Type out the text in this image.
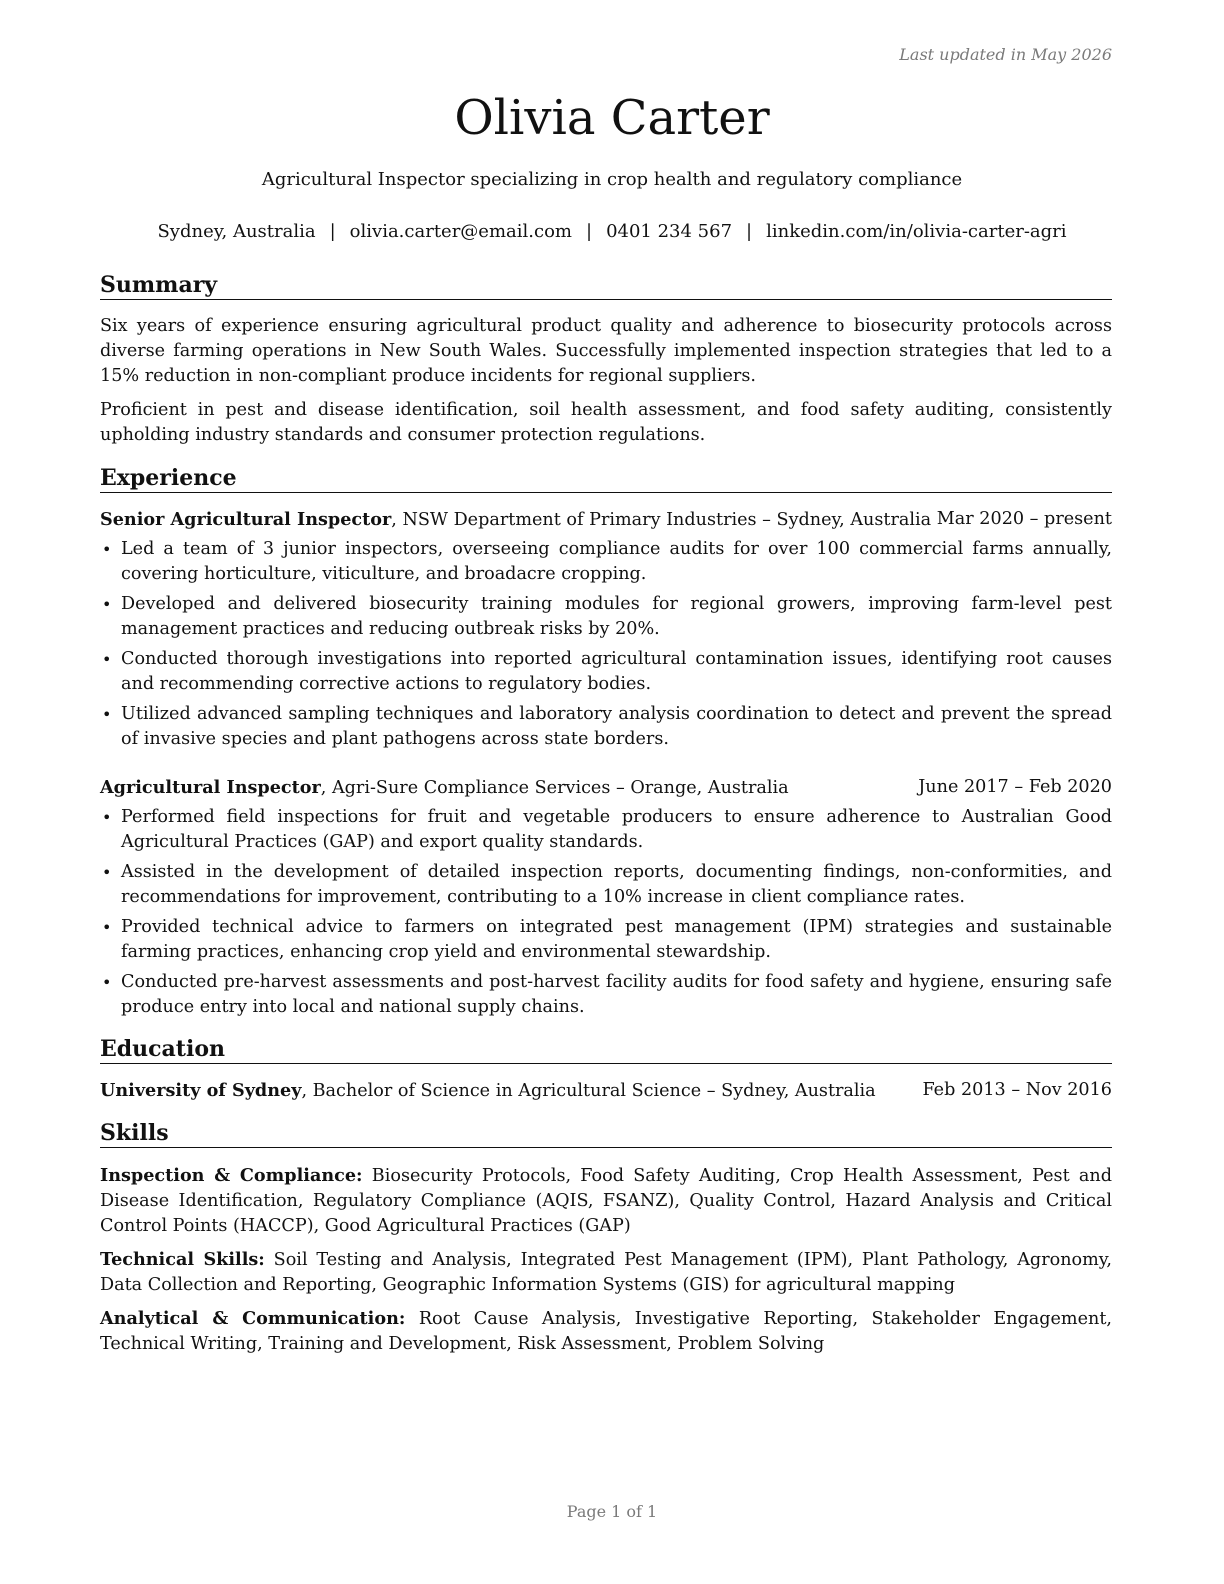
Last updated in May 2026
Olivia Carter
Agricultural Inspector specializing in crop health and regulatory compliance
Sydney, Australia | olivia.carter@email.com | 0401 234 567 | linkedin.com/in/olivia-carter-agri
Summary
Six years of experience ensuring agricultural product quality and adherence to biosecurity protocols across diverse farming operations in New South Wales. Successfully implemented inspection strategies that led to a 15% reduction in non-compliant produce incidents for regional suppliers.
Proficient in pest and disease identification, soil health assessment, and food safety auditing, consistently upholding industry standards and consumer protection regulations.
Experience
Senior Agricultural Inspector, NSW Department of Primary Industries – Sydney, Australia Mar 2020 – present
• Led a team of 3 junior inspectors, overseeing compliance audits for over 100 commercial farms annually, covering horticulture, viticulture, and broadacre cropping.
• Developed and delivered biosecurity training modules for regional growers, improving farm-level pest management practices and reducing outbreak risks by 20%.
• Conducted thorough investigations into reported agricultural contamination issues, identifying root causes and recommending corrective actions to regulatory bodies.
• Utilized advanced sampling techniques and laboratory analysis coordination to detect and prevent the spread of invasive species and plant pathogens across state borders.
Agricultural Inspector, Agri-Sure Compliance Services – Orange, Australia	June 2017 – Feb 2020
• Performed field inspections for fruit and vegetable producers to ensure adherence to Australian Good Agricultural Practices (GAP) and export quality standards.
• Assisted in the development of detailed inspection reports, documenting findings, non-conformities, and recommendations for improvement, contributing to a 10% increase in client compliance rates.
• Provided technical advice to farmers on integrated pest management (IPM) strategies and sustainable farming practices, enhancing crop yield and environmental stewardship.
• Conducted pre-harvest assessments and post-harvest facility audits for food safety and hygiene, ensuring safe produce entry into local and national supply chains.
Education
University of Sydney, Bachelor of Science in Agricultural Science – Sydney, Australia	Feb 2013 – Nov 2016
Skills
Inspection & Compliance: Biosecurity Protocols, Food Safety Auditing, Crop Health Assessment, Pest and Disease Identification, Regulatory Compliance (AQIS, FSANZ), Quality Control, Hazard Analysis and Critical Control Points (HACCP), Good Agricultural Practices (GAP)
Technical Skills: Soil Testing and Analysis, Integrated Pest Management (IPM), Plant Pathology, Agronomy, Data Collection and Reporting, Geographic Information Systems (GIS) for agricultural mapping
Analytical & Communication: Root Cause Analysis, Investigative Reporting, Stakeholder Engagement, Technical Writing, Training and Development, Risk Assessment, Problem Solving
Page 1 of 1
